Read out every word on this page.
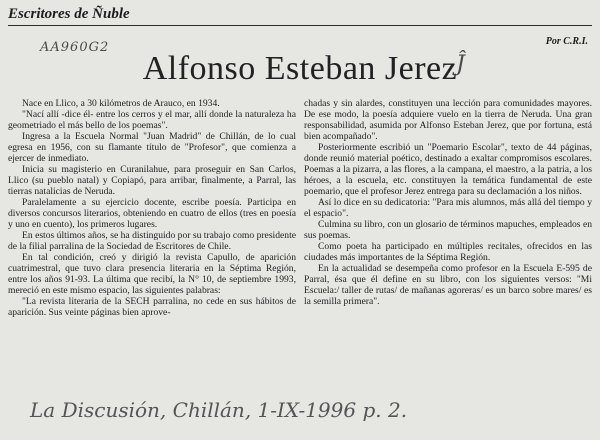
Escritores de Ñuble
AA960G2	Por C.R.I.
Ĵ
Alfonso Esteban Jerez

Nace en Llico, a 30 kilómetros de Arauco, en 1934.

"Nací allí -dice él- entre los cerros y el mar, allí donde la naturaleza ha geometriado el más bello de los poemas".

Ingresa a la Escuela Normal "Juan Madrid" de Chillán, de lo cual egresa en 1956, con su flamante título de "Profesor", que comienza a ejercer de inmediato.

Inicia su magisterio en Curanilahue, para proseguir en San Carlos, Llico (su pueblo natal) y Copiapó, para arribar, finalmente, a Parral, las tierras natalicias de Neruda.

Paralelamente a su ejercicio docente, escribe poesía. Participa en diversos concursos literarios, obteniendo en cuatro de ellos (tres en poesía y uno en cuento), los primeros lugares.

En estos últimos años, se ha distinguido por su trabajo como presidente de la filial parralina de la Sociedad de Escritores de Chile.

En tal condición, creó y dirigió la revista Capullo, de aparición cuatrimestral, que tuvo clara presencia literaria en la Séptima Región, entre los años 91-93. La última que recibí, la N° 10, de septiembre 1993, mereció en este mismo espacio, las siguientes palabras:

"La revista literaria de la SECH parralina, no cede en sus hábitos de aparición. Sus veinte páginas bien aprove-

chadas y sin alardes, constituyen una lección para comunidades mayores. De ese modo, la poesía adquiere vuelo en la tierra de Neruda. Una gran responsabilidad, asumida por Alfonso Esteban Jerez, que por fortuna, está bien acompañado".

Posteriormente escribió un "Poemario Escolar", texto de 44 páginas, donde reunió material poético, destinado a exaltar compromisos escolares. Poemas a la pizarra, a las flores, a la campana, el maestro, a la patria, a los héroes, a la escuela, etc. constituyen la temática fundamental de este poemario, que el profesor Jerez entrega para su declamación a los niños.

Así lo dice en su dedicatoria: "Para mis alumnos, más allá del tiempo y el espacio".

Culmina su libro, con un glosario de términos mapuches, empleados en sus poemas.

Como poeta ha participado en múltiples recitales, ofrecidos en las ciudades más importantes de la Séptima Región.

En la actualidad se desempeña como profesor en la Escuela E-595 de Parral, ésa que él define en su libro, con los siguientes versos: "Mi Escuela:/ taller de rutas/ de mañanas agoreras/ es un barco sobre mares/ es la semilla primera".

La Discusión, Chillán, 1-IX-1996 p. 2.
